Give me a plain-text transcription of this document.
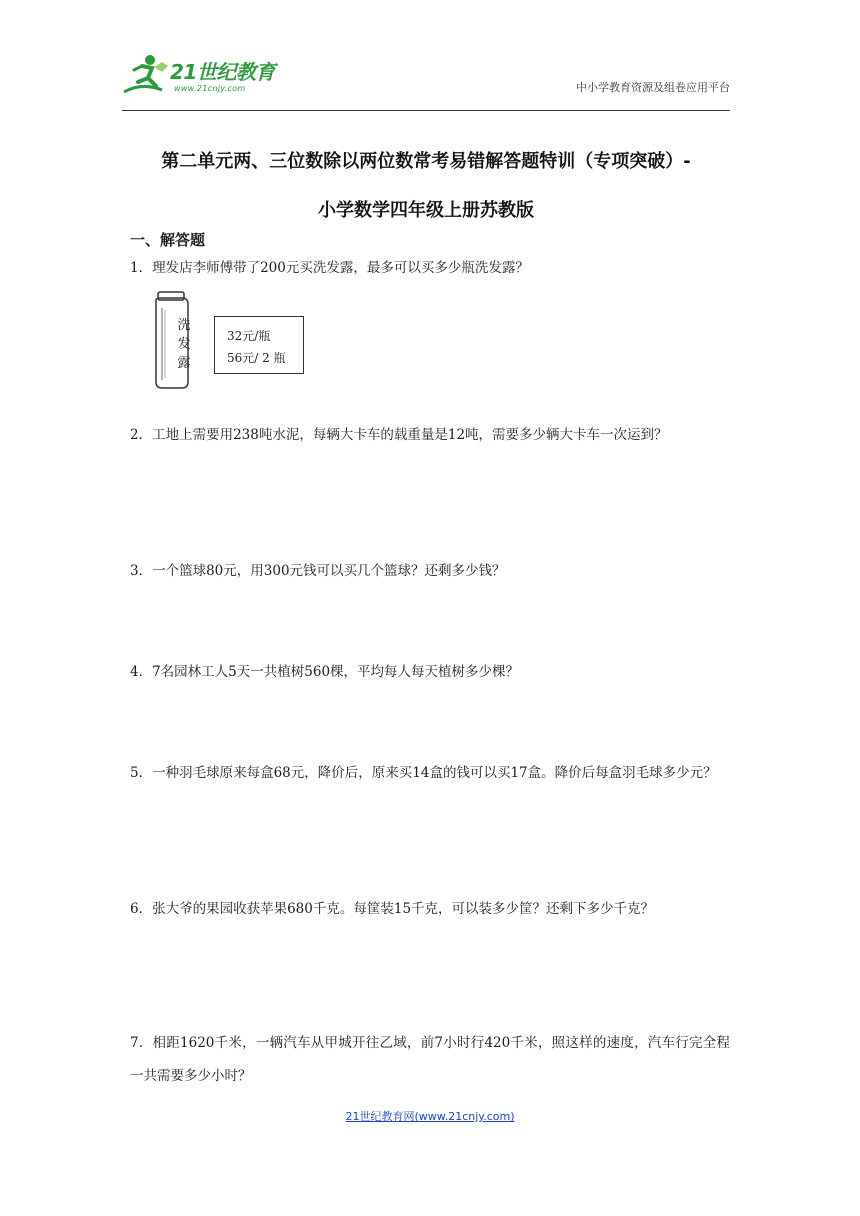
21世纪教育
www.21cnjy.com	中小学教育资源及组卷应用平台
第二单元两、三位数除以两位数常考易错解答题特训（专项突破）-
小学数学四年级上册苏教版
一、解答题
1．理发店李师傅带了200元买洗发露，最多可以买多少瓶洗发露？
洗发露
32元/瓶
56元/ 2 瓶
2．工地上需要用238吨水泥，每辆大卡车的载重量是12吨，需要多少辆大卡车一次运到？
3．一个篮球80元，用300元钱可以买几个篮球？还剩多少钱？
4．7名园林工人5天一共植树560棵，平均每人每天植树多少棵？
5．一种羽毛球原来每盒68元，降价后，原来买14盒的钱可以买17盒。降价后每盒羽毛球多少元？
6．张大爷的果园收获苹果680千克。每筐装15千克，可以装多少筐？还剩下多少千克？
7．相距1620千米，一辆汽车从甲城开往乙域，前7小时行420千米，照这样的速度，汽车行完全程一共需要多少小时？
21世纪教育网(www.21cnjy.com)
